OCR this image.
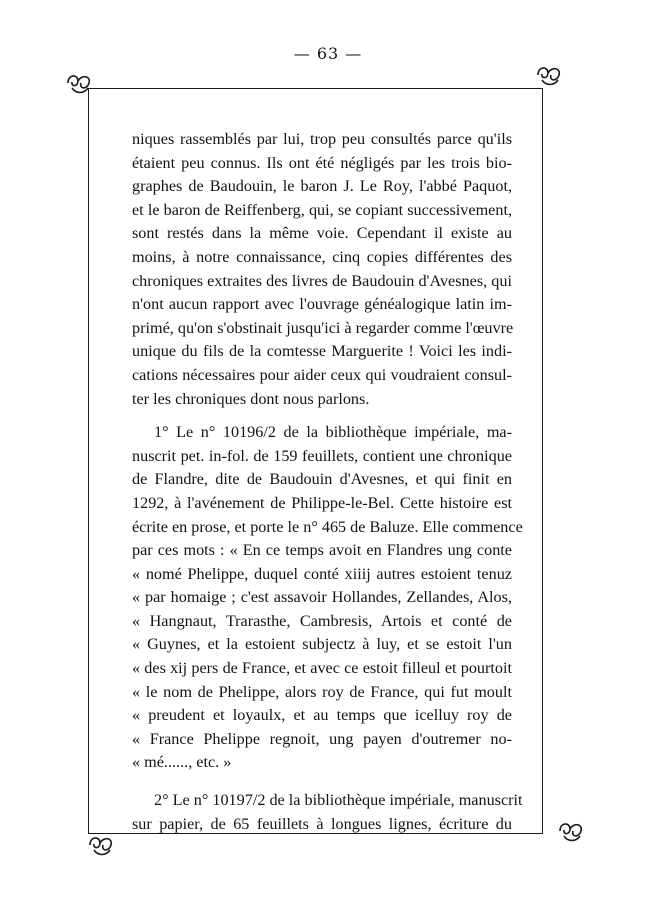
— 63 —
niques rassemblés par lui, trop peu consultés parce qu'ils
étaient peu connus. Ils ont été négligés par les trois bio-
graphes de Baudouin, le baron J. Le Roy, l'abbé Paquot,
et le baron de Reiffenberg, qui, se copiant successivement,
sont restés dans la même voie. Cependant il existe au
moins, à notre connaissance, cinq copies différentes des
chroniques extraites des livres de Baudouin d'Avesnes, qui
n'ont aucun rapport avec l'ouvrage généalogique latin im-
primé, qu'on s'obstinait jusqu'ici à regarder comme l'œuvre
unique du fils de la comtesse Marguerite ! Voici les indi-
cations nécessaires pour aider ceux qui voudraient consul-
ter les chroniques dont nous parlons.
1° Le n° 10196/2 de la bibliothèque impériale, ma-
nuscrit pet. in-fol. de 159 feuillets, contient une chronique
de Flandre, dite de Baudouin d'Avesnes, et qui finit en
1292, à l'avénement de Philippe-le-Bel. Cette histoire est
écrite en prose, et porte le n° 465 de Baluze. Elle commence
par ces mots : « En ce temps avoit en Flandres ung conte
« nomé Phelippe, duquel conté xiiij autres estoient tenuz
« par homaige ; c'est assavoir Hollandes, Zellandes, Alos,
« Hangnaut, Trarasthe, Cambresis, Artois et conté de
« Guynes, et la estoient subjectz à luy, et se estoit l'un
« des xij pers de France, et avec ce estoit filleul et pourtoit
« le nom de Phelippe, alors roy de France, qui fut moult
« preudent et loyaulx, et au temps que icelluy roy de
« France Phelippe regnoit, ung payen d'outremer no-
« mé......, etc. »
2° Le n° 10197/2 de la bibliothèque impériale, manuscrit
sur papier, de 65 feuillets à longues lignes, écriture du
